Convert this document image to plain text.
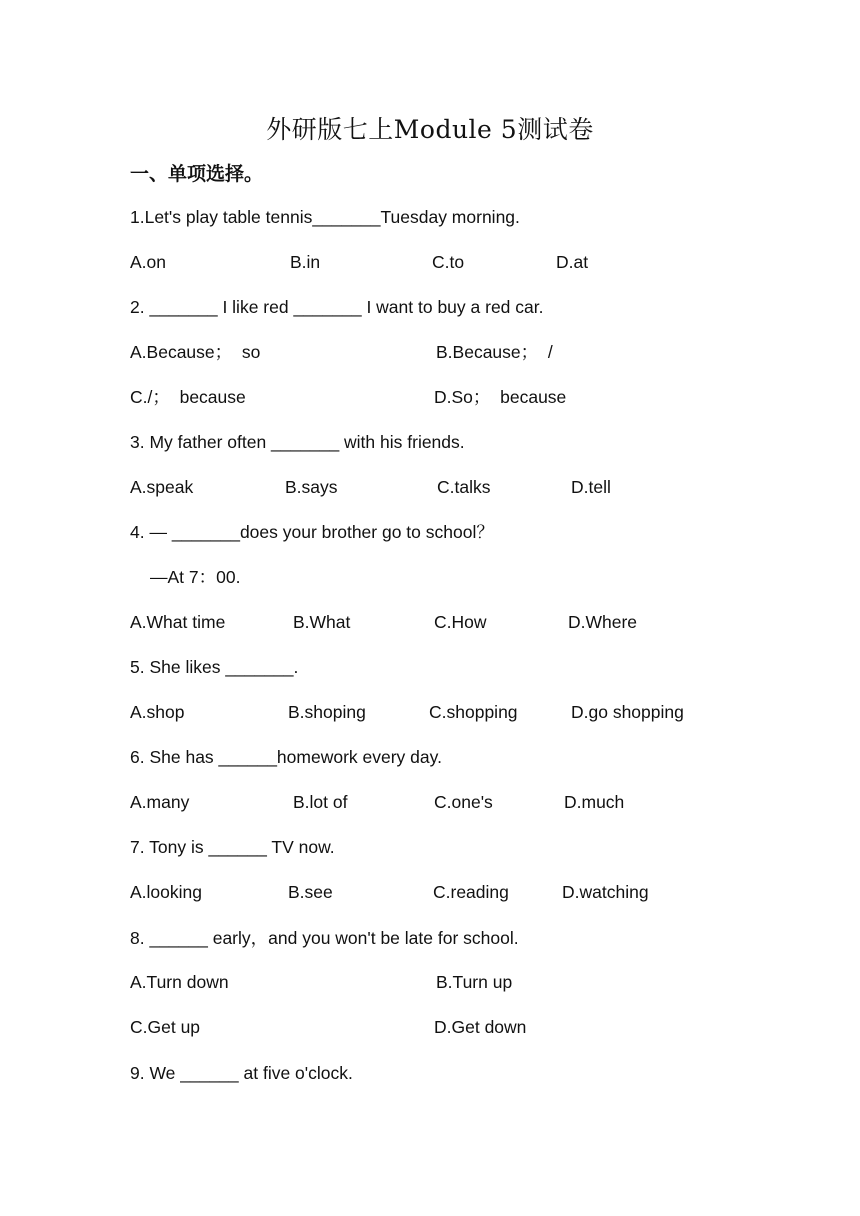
外研版七上Module 5测试卷
一、单项选择。
1.Let's play table tennis_______Tuesday morning.
A.on	B.in	C.to	D.at
2. _______ I like red _______ I want to buy a red car.
A.Because；  so	B.Because；  /
C./；  because	D.So；  because
3. My father often _______ with his friends.
A.speak	B.says	C.talks	D.tell
4. — _______does your brother go to school？
—At 7：00.
A.What time	B.What	C.How	D.Where
5. She likes _______.
A.shop	B.shoping	C.shopping	D.go shopping
6. She has ______homework every day.
A.many	B.lot of	C.one's	D.much
7. Tony is ______ TV now.
A.looking	B.see	C.reading	D.watching
8. ______ early，and you won't be late for school.
A.Turn down	B.Turn up
C.Get up	D.Get down
9. We ______ at five o'clock.
